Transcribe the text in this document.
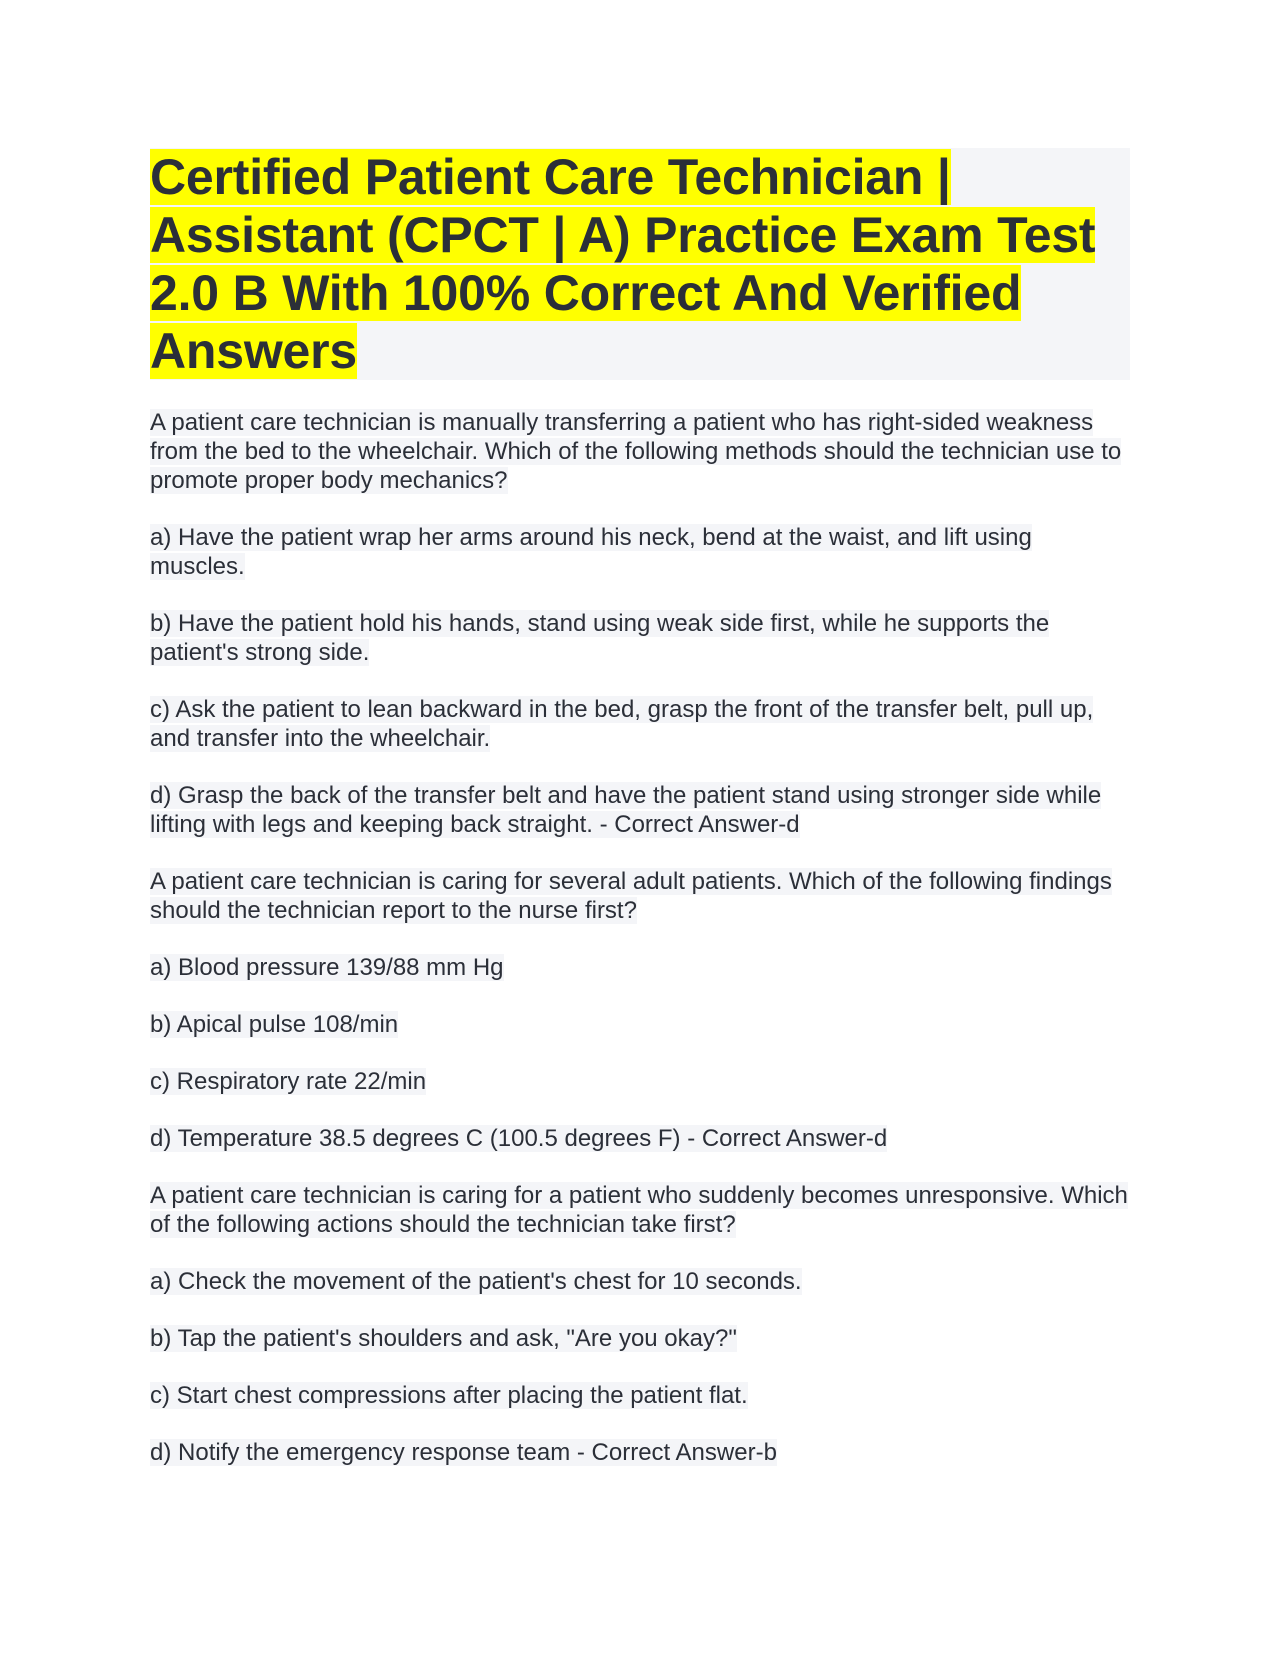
Certified Patient Care Technician | Assistant (CPCT | A) Practice Exam Test 2.0 B With 100% Correct And Verified Answers

A patient care technician is manually transferring a patient who has right-sided weakness from the bed to the wheelchair. Which of the following methods should the technician use to promote proper body mechanics?

a) Have the patient wrap her arms around his neck, bend at the waist, and lift using muscles.

b) Have the patient hold his hands, stand using weak side first, while he supports the patient's strong side.

c) Ask the patient to lean backward in the bed, grasp the front of the transfer belt, pull up, and transfer into the wheelchair.

d) Grasp the back of the transfer belt and have the patient stand using stronger side while lifting with legs and keeping back straight. - Correct Answer-d

A patient care technician is caring for several adult patients. Which of the following findings should the technician report to the nurse first?

a) Blood pressure 139/88 mm Hg

b) Apical pulse 108/min

c) Respiratory rate 22/min

d) Temperature 38.5 degrees C (100.5 degrees F) - Correct Answer-d

A patient care technician is caring for a patient who suddenly becomes unresponsive. Which of the following actions should the technician take first?

a) Check the movement of the patient's chest for 10 seconds.

b) Tap the patient's shoulders and ask, "Are you okay?"

c) Start chest compressions after placing the patient flat.

d) Notify the emergency response team - Correct Answer-b
